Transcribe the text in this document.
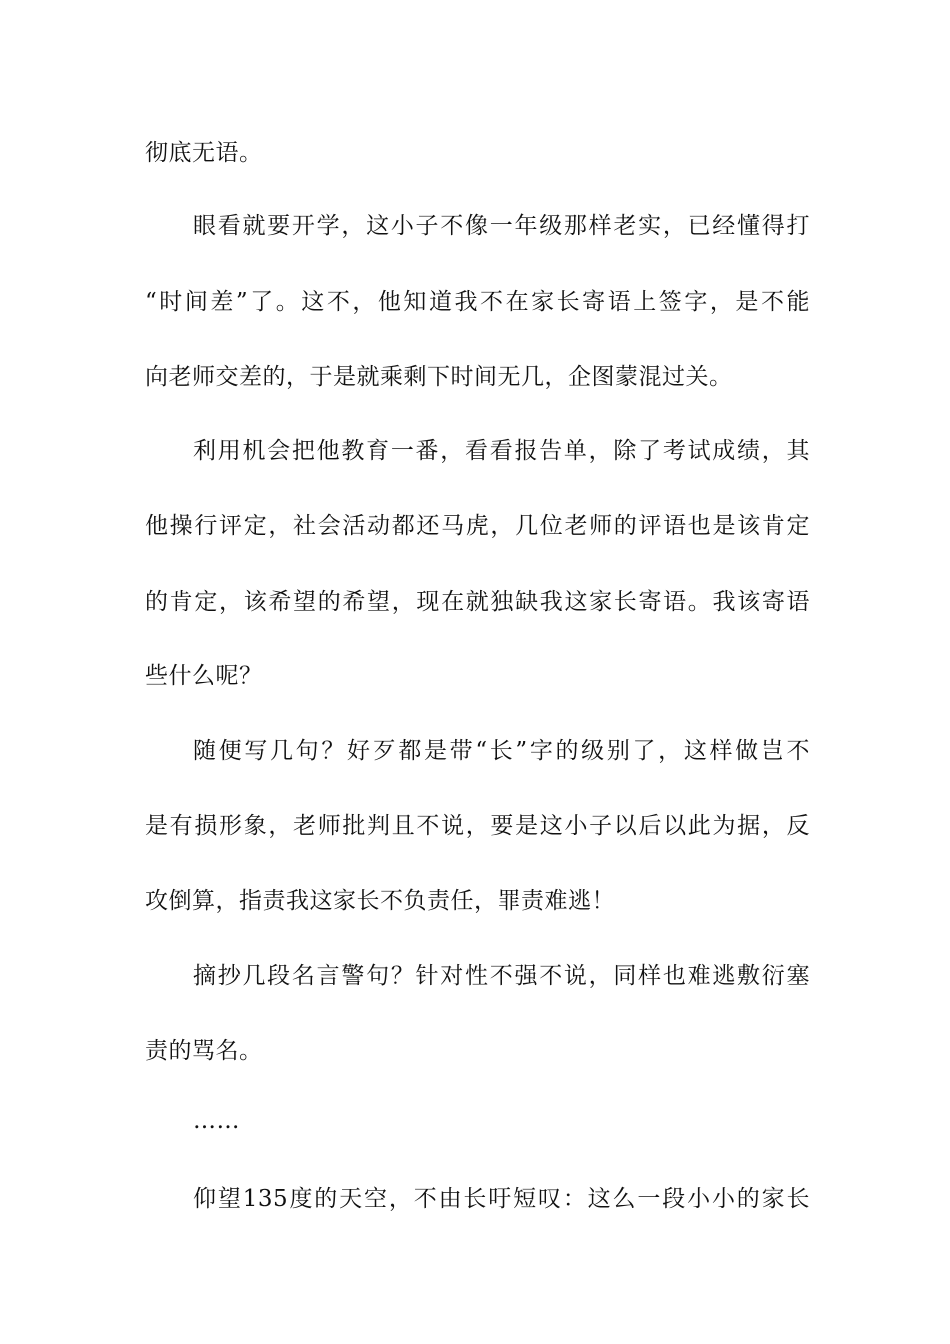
彻底无语。
眼看就要开学，这小子不像一年级那样老实，已经懂得打
“时间差”了。这不，他知道我不在家长寄语上签字，是不能
向老师交差的，于是就乘剩下时间无几，企图蒙混过关。
利用机会把他教育一番，看看报告单，除了考试成绩，其
他操行评定，社会活动都还马虎，几位老师的评语也是该肯定
的肯定，该希望的希望，现在就独缺我这家长寄语。我该寄语
些什么呢？
随便写几句？好歹都是带“长”字的级别了，这样做岂不
是有损形象，老师批判且不说，要是这小子以后以此为据，反
攻倒算，指责我这家长不负责任，罪责难逃！
摘抄几段名言警句？针对性不强不说，同样也难逃敷衍塞
责的骂名。
……
仰望135度的天空，不由长吁短叹：这么一段小小的家长
